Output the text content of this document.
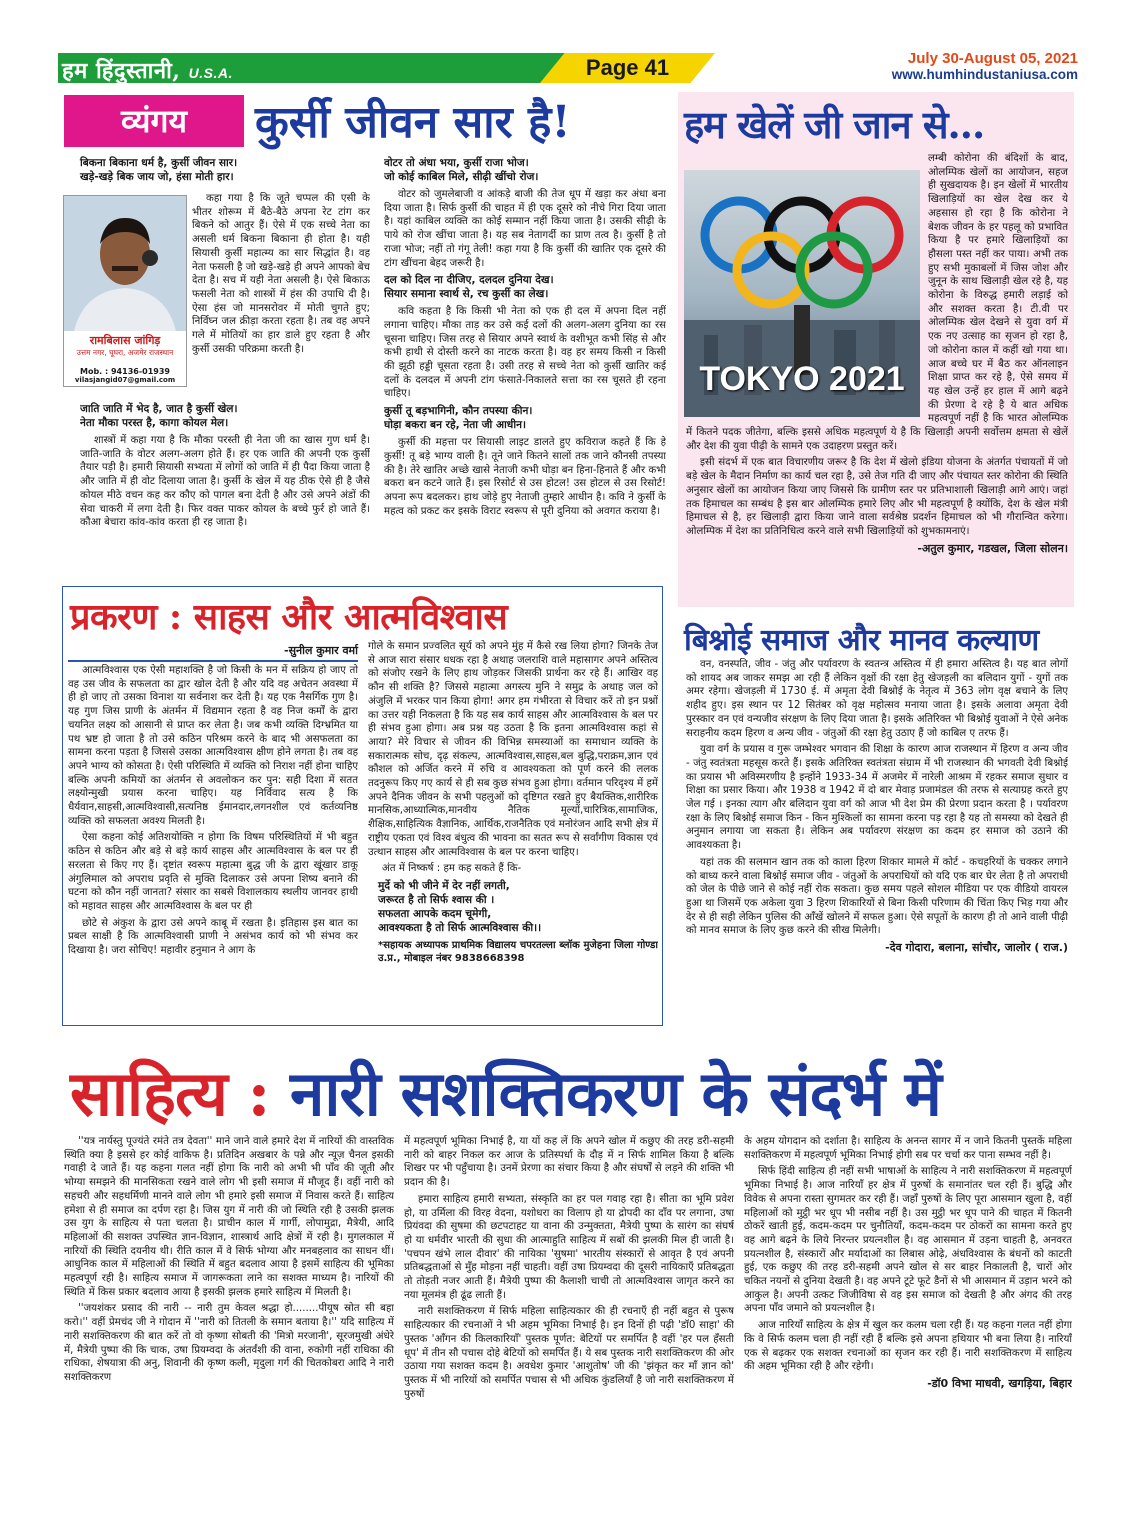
हम हिंदुस्तानी, U.S.A.	Page 41	July 30-August 05, 2021
www.humhindustaniusa.com
व्यंगय	कुर्सी जीवन सार है!
बिकना बिकाना धर्म है, कुर्सी जीवन सार।
खड़े-खड़े बिक जाय जो, हंसा मोती हार।
रामबिलास जांगिड़
उत्तम नगर, घूघरा, अजमेर राजस्थान
Mob. : 94136-01939
vilasjangid07@gmail.com

कहा गया है कि जूते चप्पल की एसी के भीतर शोरूम में बैठे-बैठे अपना रेट टांग कर बिकने को आतुर हैं। ऐसे में एक सच्चे नेता का असली धर्म बिकना बिकाना ही होता है। यही सियासी कुर्सी महात्म्य का सार सिद्धांत है। वह नेता फसली है जो खड़े-खड़े ही अपने आपको बेच देता है। सच में यही नेता असली है। ऐसे बिकाऊ फसली नेता को शास्त्रों में हंस की उपाधि दी है। ऐसा हंस जो मानसरोवर में मोती चुगते हुए; निर्विघ्न जल क्रीड़ा करता रहता है। तब वह अपने गले में मोतियों का हार डाले हुए रहता है और कुर्सी उसकी परिक्रमा करती है।

जाति जाति में भेद है, जात है कुर्सी खेल।
नेता मौका परस्त है, कागा कोयल मेल।

शास्त्रों में कहा गया है कि मौका परस्ती ही नेता जी का खास गुण धर्म है। जाति-जाति के वोटर अलग-अलग होते हैं। हर एक जाति की अपनी एक कुर्सी तैयार पड़ी है। हमारी सियासी सभ्यता में लोगों को जाति में ही पैदा किया जाता है और जाति में ही वोट दिलाया जाता है। कुर्सी के खेल में यह ठीक ऐसे ही है जैसे कोयल मीठे वचन कह कर कौए को पागल बना देती है और उसे अपने अंडों की सेवा चाकरी में लगा देती है। फिर वक्त पाकर कोयल के बच्चे फुर्र हो जाते हैं। कौआ बेचारा कांव-कांव करता ही रह जाता है।

वोटर तो अंधा भया, कुर्सी राजा भोज।
जो कोई काबिल मिले, सीढ़ी खींचो रोज।

वोटर को जुमलेबाजी व आंकड़े बाजी की तेज धूप में खड़ा कर अंधा बना दिया जाता है। सिर्फ कुर्सी की चाहत में ही एक दूसरे को नीचे गिरा दिया जाता है। यहां काबिल व्यक्ति का कोई सम्मान नहीं किया जाता है। उसकी सीढ़ी के पाये को रोज खींचा जाता है। यह सब नेतागर्दी का प्राण तत्व है। कुर्सी है तो राजा भोज; नहीं तो गंगू तेली! कहा गया है कि कुर्सी की खातिर एक दूसरे की टांग खींचना बेहद जरूरी है।

दल को दिल ना दीजिए, दलदल दुनिया देख।
सियार समाना स्वार्थ से, रच कुर्सी का लेख।

कवि कहता है कि किसी भी नेता को एक ही दल में अपना दिल नहीं लगाना चाहिए। मौका ताड़ कर उसे कई दलों की अलग-अलग दुनिया का रस चूसना चाहिए। जिस तरह से सियार अपने स्वार्थ के वशीभूत कभी सिंह से और कभी हाथी से दोस्ती करने का नाटक करता है। वह हर समय किसी न किसी की झूठी हड्डी चूसता रहता है। उसी तरह से सच्चे नेता को कुर्सी खातिर कई दलों के दलदल में अपनी टांग फंसाते-निकालते सत्ता का रस चूसते ही रहना चाहिए।

कुर्सी तू बड़भागिनी, कौन तपस्या कीन।
घोड़ा बकरा बन रहे, नेता जी आधीन।

कुर्सी की महत्ता पर सियासी लाइट डालते हुए कविराज कहते हैं कि हे कुर्सी! तू बड़े भाग्य वाली है। तूने जाने कितने सालों तक जाने कौनसी तपस्या की है। तेरे खातिर अच्छे खासे नेताजी कभी घोड़ा बन हिना-हिनाते हैं और कभी बकरा बन कटने जाते हैं। इस रिसोर्ट से उस होटल! उस होटल से उस रिसोर्ट! अपना रूप बदलकर। हाथ जोड़े हुए नेताजी तुम्हारे आधीन है। कवि ने कुर्सी के महत्व को प्रकट कर इसके विराट स्वरूप से पूरी दुनिया को अवगत कराया है।

हम खेलें जी जान से...
TOKYO 2021

लम्बी कोरोना की बंदिशों के बाद, ओलम्पिक खेलों का आयोजन, सहज ही सुखदायक है। इन खेलों में भारतीय खिलाड़ियों का खेल देख कर ये अहसास हो रहा है कि कोरोना ने बेशक जीवन के हर पहलू को प्रभावित किया है पर हमारे खिलाड़ियों का हौसला पस्त नहीं कर पाया। अभी तक हुए सभी मुकाबलों में जिस जोश और जुनून के साथ खिलाड़ी खेल रहे है, यह कोरोना के विरुद्ध हमारी लड़ाई को और सशक्त करता है। टी.वी पर ओलम्पिक खेल देखने से युवा वर्ग में एक नए उत्साह का सृजन हो रहा है, जो कोरोना काल में कहीं खो गया था। आज बच्चे घर में बैठ कर ऑनलाइन शिक्षा प्राप्त कर रहे है, ऐसे समय में यह खेल उन्हें हर हाल में आगे बढ़ने की प्रेरणा दे रहे है ये बात अधिक महत्वपूर्ण नहीं है कि भारत ओलम्पिक में कितने पदक जीतेगा, बल्कि इससे अधिक महत्वपूर्ण ये है कि खिलाड़ी अपनी सर्वोत्तम क्षमता से खेलें और देश की युवा पीढ़ी के सामने एक उदाहरण प्रस्तुत करें।

इसी संदर्भ में एक बात विचारणीय जरूर है कि देश में खेलो इंडिया योजना के अंतर्गत पंचायतों में जो बड़े खेल के मैदान निर्माण का कार्य चल रहा है, उसे तेज गति दी जाए और पंचायत स्तर कोरोना की स्थिति अनुसार खेलों का आयोजन किया जाए जिससे कि ग्रामीण स्तर पर प्रतिभाशाली खिलाड़ी आगे आएं। जहां तक हिमाचल का सम्बंध है इस बार ओलम्पिक हमारे लिए और भी महत्वपूर्ण है क्योंकि, देश के खेल मंत्री हिमाचल से है, हर खिलाड़ी द्वारा किया जाने वाला सर्वश्रेष्ठ प्रदर्शन हिमाचल को भी गौरान्वित करेगा। ओलम्पिक में देश का प्रतिनिधित्व करने वाले सभी खिलाड़ियों को शुभकामनाएं।

-अतुल कुमार, गडखल, जिला सोलन।
प्रकरण : साहस और आत्मविश्वास
-सुनील कुमार वर्मा

आत्मविश्वास एक ऐसी महाशक्ति है जो किसी के मन में सक्रिय हो जाए तो वह उस जीव के सफलता का द्वार खोल देती है और यदि वह अचेतन अवस्था में ही हो जाए तो उसका विनाश या सर्वनाश कर देती है। यह एक नैसर्गिक गुण है। यह गुण जिस प्राणी के अंतर्मन में विद्यमान रहता है वह निज कर्मों के द्वारा चयनित लक्ष्य को आसानी से प्राप्त कर लेता है। जब कभी व्यक्ति दिग्भ्रमित या पथ भ्रष्ट हो जाता है तो उसे कठिन परिश्रम करने के बाद भी असफलता का सामना करना पड़ता है जिससे उसका आत्मविश्वास क्षीण होने लगता है। तब वह अपने भाग्य को कोसता है। ऐसी परिस्थिति में व्यक्ति को निराश नहीं होना चाहिए बल्कि अपनी कमियों का अंतर्मन से अवलोकन कर पुन: सही दिशा में सतत लक्ष्योन्मुखी प्रयास करना चाहिए। यह निर्विवाद सत्य है कि धैर्यवान,साहसी,आत्मविश्वासी,सत्यनिष्ठ ईमानदार,लगनशील एवं कर्तव्यनिष्ठ व्यक्ति को सफलता अवश्य मिलती है।

ऐसा कहना कोई अतिशयोक्ति न होगा कि विषम परिस्थितियों में भी बहुत कठिन से कठिन और बड़े से बड़े कार्य साहस और आत्मविश्वास के बल पर ही सरलता से किए गए हैं। दृष्टांत स्वरूप महात्मा बुद्ध जी के द्वारा खूंखार डाकू अंगुलिमाल को अपराध प्रवृति से मुक्ति दिलाकर उसे अपना शिष्य बनाने की घटना को कौन नहीं जानता? संसार का सबसे विशालकाय स्थलीय जानवर हाथी को महावत साहस और आत्मविश्वास के बल पर ही

छोटे से अंकुश के द्वारा उसे अपने काबू में रखता है। इतिहास इस बात का प्रबल साक्षी है कि आत्मविश्वासी प्राणी ने असंभव कार्य को भी संभव कर दिखाया है। जरा सोचिए! महावीर हनुमान ने आग के

गोले के समान प्रज्वलित सूर्य को अपने मुंह में कैसे रख लिया होगा? जिनके तेज से आज सारा संसार धधक रहा है अथाह जलराशि वाले महासागर अपने अस्तित्व को संजोए रखने के लिए हाथ जोड़कर जिसकी प्रार्थना कर रहे हैं। आखिर वह कौन सी शक्ति है? जिससे महात्मा अगस्त्य मुनि ने समुद्र के अथाह जल को अंजुलि में भरकर पान किया होगा! अगर हम गंभीरता से विचार करें तो इन प्रश्नों का उत्तर यही निकलता है कि यह सब कार्य साहस और आत्मविश्वास के बल पर ही संभव हुआ होगा। अब प्रश्न यह उठता है कि इतना आत्मविश्वास कहां से आया? मेरे विचार से जीवन की विभिन्न समस्याओं का समाधान व्यक्ति के सकारात्मक सोच, दृढ़ संकल्प, आत्मविश्वास,साहस,बल बुद्धि,पराक्रम,ज्ञान एवं कौशल को अर्जित करने में रुचि व आवश्यकता को पूर्ण करने की ललक तदनुरूप किए गए कार्य से ही सब कुछ संभव हुआ होगा। वर्तमान परिदृश्य में हमें अपने दैनिक जीवन के सभी पहलुओं को दृष्टिगत रखते हुए बैयक्तिक,शारीरिक मानसिक,आध्यात्मिक,मानवीय नैतिक मूल्यों,चारित्रिक,सामाजिक, शैक्षिक,साहित्यिक वैज्ञानिक, आर्थिक,राजनैतिक एवं मनोरंजन आदि सभी क्षेत्र में राष्ट्रीय एकता एवं विश्व बंधुत्व की भावना का सतत रूप से सर्वांगीण विकास एवं उत्थान साहस और आत्मविश्वास के बल पर करना चाहिए।

अंत में निष्कर्ष : हम कह सकते हैं कि-

मुर्दे को भी जीने में देर नहीं लगती,
जरूरत है तो सिर्फ श्वास की ।
सफलता आपके कदम चूमेगी,
आवश्यकता है तो सिर्फ आत्मविश्वास की।।
*सहायक अध्यापक प्राथमिक विद्यालय चपरतल्ला ब्लॉक मुजेहना जिला गोण्डा उ.प्र., मोबाइल नंबर 9838668398
बिश्नोई समाज और मानव कल्याण

वन, वनस्पति, जीव - जंतु और पर्यावरण के स्वतन्त्र अस्तित्व में ही हमारा अस्तित्व है। यह बात लोगों को शायद अब जाकर समझ आ रही हैं लेकिन वृक्षों की रक्षा हेतु खेजड़ली का बलिदान युगों - युगों तक अमर रहेगा। खेजड़ली में 1730 ई. में अमृता देवी बिश्नोई के नेतृत्व में 363 लोग वृक्ष बचाने के लिए शहीद हुए। इस स्थान पर 12 सितंबर को वृक्ष महोत्सव मनाया जाता है। इसके अलावा अमृता देवी पुरस्कार वन एवं वन्यजीव संरक्षण के लिए दिया जाता है। इसके अतिरिक्त भी बिश्नोई युवाओं ने ऐसे अनेक सराहनीय कदम हिरण व अन्य जीव - जंतुओं की रक्षा हेतु उठाए हैं जो काबिल ए तरफ हैं।

युवा वर्ग के प्रयास व गुरू जम्भेश्वर भगवान की शिक्षा के कारण आज राजस्थान में हिरण व अन्य जीव - जंतु स्वतंत्रता महसूस करते हैं। इसके अतिरिक्त स्वतंत्रता संग्राम में भी राजस्थान की भगवती देवी बिश्नोई का प्रयास भी अविस्मरणीय है इन्होंने 1933-34 में अजमेर में नारेली आश्रम में रहकर समाज सुधार व शिक्षा का प्रसार किया। और 1938 व 1942 में दो बार मेवाड़ प्रजामंडल की तरफ से सत्याग्रह करते हुए जेल गई । इनका त्याग और बलिदान युवा वर्ग को आज भी देश प्रेम की प्रेरणा प्रदान करता है । पर्यावरण रक्षा के लिए बिश्नोई समाज किन - किन मुश्किलों का सामना करना पड़ रहा है यह तो समस्या को देखते ही अनुमान लगाया जा सकता है। लेकिन अब पर्यावरण संरक्षण का कदम हर समाज को उठाने की आवश्यकता है।

यहां तक की सलमान खान तक को काला हिरण शिकार मामले में कोर्ट - कचहरियों के चक्कर लगाने को बाध्य करने वाला बिश्नोई समाज जीव - जंतुओं के अपराधियों को यदि एक बार घेर लेता है तो अपराधी को जेल के पीछे जाने से कोई नहीं रोक सकता। कुछ समय पहले सोशल मीडिया पर एक वीडियो वायरल हुआ था जिसमें एक अकेला युवा 3 हिरण शिकारियों से बिना किसी परिणाम की चिंता किए भिड़ गया और देर से ही सही लेकिन पुलिस की आँखें खोलने में सफल हुआ। ऐसे सपूतों के कारण ही तो आने वाली पीढ़ी को मानव समाज के लिए कुछ करने की सीख मिलेगी।

-देव गोदारा, बलाना, सांचौर, जालोर ( राज.)
साहित्य : नारी सशक्तिकरण के संदर्भ में

''यत्र नार्यस्तु पूज्यंते रमंते तत्र देवता'' माने जाने वाले हमारे देश में नारियों की वास्तविक स्थिति क्या है इससे हर कोई वाकिफ है। प्रतिदिन अखबार के पन्ने और न्यूज़ चैनल इसकी गवाही दे जाते हैं। यह कहना गलत नहीं होगा कि नारी को अभी भी पाँव की जूती और भोग्या समझने की मानसिकता रखने वाले लोग भी इसी समाज में मौजूद हैं। वहीं नारी को सहचरी और सहधर्मिणी मानने वाले लोग भी हमारे इसी समाज में निवास करते हैं। साहित्य हमेशा से ही समाज का दर्पण रहा है। जिस युग में नारी की जो स्थिति रही है उसकी झलक उस युग के साहित्य से पता चलता है। प्राचीन काल में गार्गी, लोपामुद्रा, मैत्रेयी, आदि महिलाओं की सशक्त उपस्थित ज्ञान-विज्ञान, शास्त्रार्थ आदि क्षेत्रों में रही है। मुगलकाल में नारियों की स्थिति दयनीय थी। रीति काल में वे सिर्फ भोग्या और मनबहलाव का साधन थीं। आधुनिक काल में महिलाओं की स्थिति में बहुत बदलाव आया है इसमें साहित्य की भूमिका महत्वपूर्ण रही है। साहित्य समाज में जागरूकता लाने का सशक्त माध्यम है। नारियों की स्थिति में किस प्रकार बदलाव आया है इसकी झलक हमारे साहित्य में मिलती है।

''जयशंकर प्रसाद की नारी -- नारी तुम केवल श्रद्धा हो........पीयूष स्रोत सी बहा करो।'' वहीं प्रेमचंद जी ने गोदान में ''नारी को तितली के समान बताया है।'' यदि साहित्य में नारी सशक्तिकरण की बात करें तो वो कृष्णा सोबती की 'मित्रो मरजानी', सूरजमुखी अंधेरे में, मैत्रेयी पुष्पा की कि चाक, उषा प्रियम्वदा के अंतर्वंशी की वाना, रुकोगी नहीं राधिका की राधिका, शेषयात्रा की अनु, शिवानी की कृष्ण कली, मृदुला गर्ग की चितकोबरा आदि ने नारी सशक्तिकरण

में महत्वपूर्ण भूमिका निभाई है, या यों कह लें कि अपने खोल में कछुए की तरह डरी-सहमी नारी को बाहर निकल कर आज के प्रतिस्पर्धा के दौड़ में न सिर्फ शामिल किया है बल्कि शिखर पर भी पहुँचाया है। उनमें प्रेरणा का संचार किया है और संघर्षों से लड़ने की शक्ति भी प्रदान की है।

हमारा साहित्य हमारी सभ्यता, संस्कृति का हर पल गवाह रहा है। सीता का भूमि प्रवेश हो, या उर्मिला की विरह वेदना, यशोधरा का विलाप हो या द्रोपदी का दाँव पर लगाना, उषा प्रियंवदा की सुषमा की छटपटाहट या वाना की उन्मुक्तता, मैत्रेयी पुष्पा के सारंग का संघर्ष हो या धर्मवीर भारती की सुधा की आत्माहुति साहित्य में सबों की झलकी मिल ही जाती है। 'पचपन खंभे लाल दीवार' की नायिका 'सुषमा' भारतीय संस्कारों से आवृत है एवं अपनी प्रतिबद्धताओं से मुँह मोड़ना नहीं चाहती। वहीं उषा प्रियम्वदा की दूसरी नायिकाएँ प्रतिबद्धता तो तोड़ती नजर आती हैं। मैत्रेयी पुष्पा की कैलाशी चाची तो आत्मविश्वास जागृत करने का नया मूलमंत्र ही ढूंढ लाती हैं।

नारी सशक्तिकरण में सिर्फ महिला साहित्यकार की ही रचनाएँ ही नहीं बहुत से पुरूष साहित्यकार की रचनाओं ने भी अहम भूमिका निभाई है। इन दिनों ही पढ़ी 'डॉ0 साहा' की पुस्तक 'आँगन की किलकारियाँ' पुस्तक पूर्णत: बेटियों पर समर्पित है वहीं 'हर पल हँसती धूप' में तीन सौ पचास दोहे बेटियों को समर्पित हैं। ये सब पुस्तक नारी सशक्तिकरण की ओर उठाया गया सशक्त कदम है। अवधेश कुमार 'आशुतोष' जी की 'झंकृत कर माँ ज्ञान को' पुस्तक में भी नारियों को समर्पित पचास से भी अधिक कुंडलियाँ है जो नारी सशक्तिकरण में पुरुषों

के अहम योगदान को दर्शाता है। साहित्य के अनन्त सागर में न जाने कितनी पुस्तकें महिला सशक्तिकरण में महत्वपूर्ण भूमिका निभाई होगी सब पर चर्चा कर पाना सम्भव नहीं है।

सिर्फ हिंदी साहित्य ही नहीं सभी भाषाओं के साहित्य ने नारी सशक्तिकरण में महत्वपूर्ण भूमिका निभाई है। आज नारियाँ हर क्षेत्र में पुरुषों के समानांतर चल रही हैं। बुद्धि और विवेक से अपना रास्ता सुगमतर कर रही हैं। जहाँ पुरुषों के लिए पूरा आसमान खुला है, वहीं महिलाओं को मुट्ठी भर धूप भी नसीब नहीं है। उस मुट्ठी भर धूप पाने की चाहत में कितनी ठोकरें खाती हुई, कदम-कदम पर चुनौतियाँ, कदम-कदम पर ठोकरों का सामना करते हुए वह आगे बढ़ने के लिये निरन्तर प्रयत्नशील है। वह आसमान में उड़ना चाहती है, अनवरत प्रयत्नशील है, संस्कारों और मर्यादाओं का लिबास ओढ़े, अंधविश्वास के बंधनों को काटती हुई, एक कछुए की तरह डरी-सहमी अपने खोल से सर बाहर निकालती है, चारों ओर चकित नयनों से दुनिया देखती है। वह अपने टूटे फूटे डैनों से भी आसमान में उड़ान भरने को आकुल है। अपनी उत्कट जिजीविषा से वह इस समाज को देखती है और अंगद की तरह अपना पाँव जमाने को प्रयत्नशील है।

आज नारियाँ साहित्य के क्षेत्र में खुल कर कलम चला रही हैं। यह कहना गलत नहीं होगा कि वे सिर्फ कलम चला ही नहीं रही हैं बल्कि इसे अपना हथियार भी बना लिया है। नारियाँ एक से बढ़कर एक सशक्त रचनाओं का सृजन कर रही हैं। नारी सशक्तिकरण में साहित्य की अहम भूमिका रही है और रहेगी।

-डॉ0 विभा माधवी, खगड़िया, बिहार
